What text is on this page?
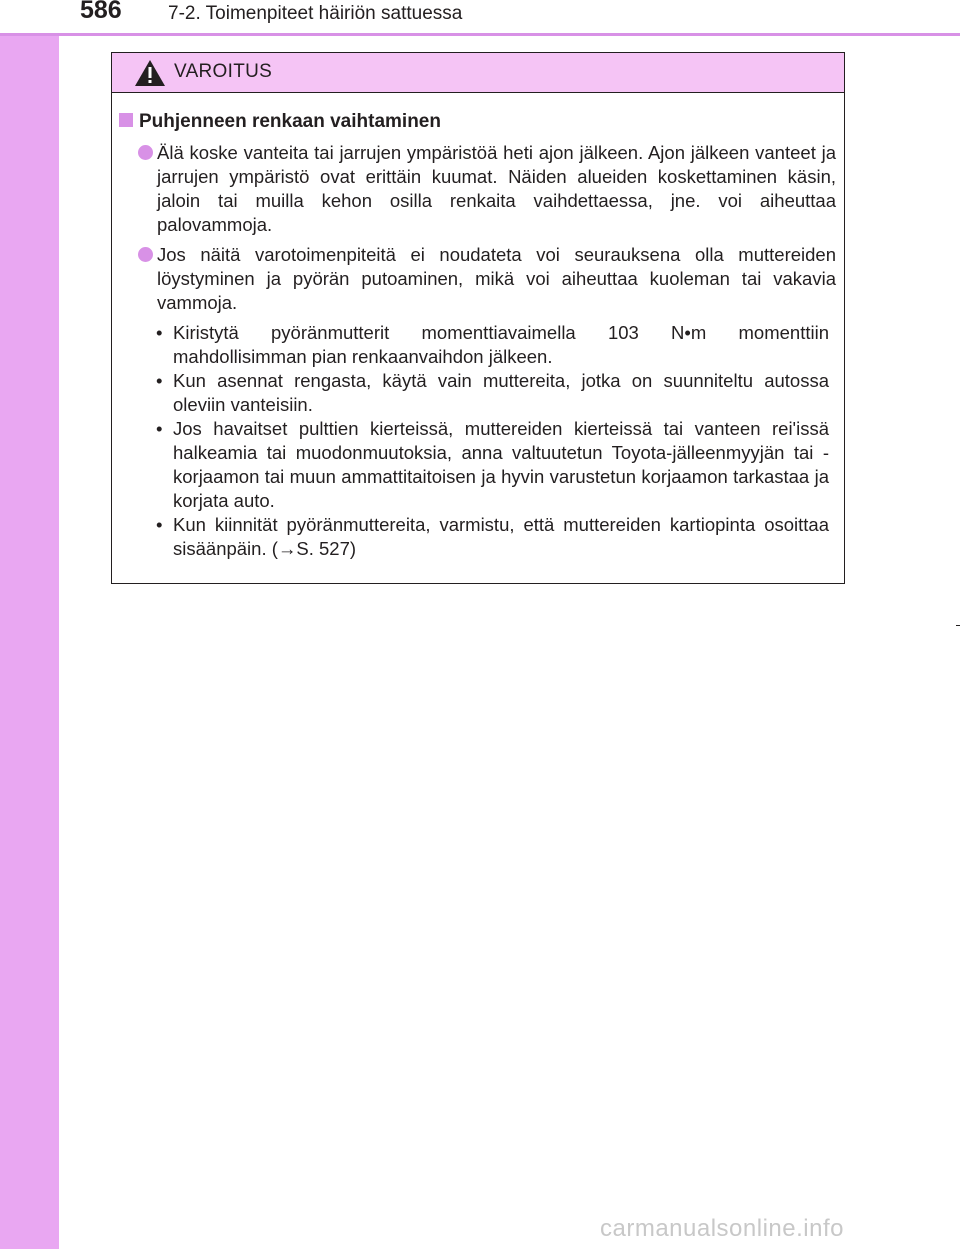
586 7-2. Toimenpiteet häiriön sattuessa
VAROITUS
Puhjenneen renkaan vaihtaminen
Älä koske vanteita tai jarrujen ympäristöä heti ajon jälkeen. Ajon jälkeen vanteet ja jarrujen ympäristö ovat erittäin kuumat. Näiden alueiden koskettaminen käsin, jaloin tai muilla kehon osilla renkaita vaihdettaessa, jne. voi aiheuttaa palovammoja.
Jos näitä varotoimenpiteitä ei noudateta voi seurauksena olla muttereiden löystyminen ja pyörän putoaminen, mikä voi aiheuttaa kuoleman tai vakavia vammoja.
• Kiristytä pyöränmutterit momenttiavaimella 103 N•m momenttiin mahdollisimman pian renkaanvaihdon jälkeen.
• Kun asennat rengasta, käytä vain muttereita, jotka on suunniteltu autossa oleviin vanteisiin.
• Jos havaitset pulttien kierteissä, muttereiden kierteissä tai vanteen rei'issä halkeamia tai muodonmuutoksia, anna valtuutetun Toyota-jälleenmyyjän tai -korjaamon tai muun ammattitaitoisen ja hyvin varustetun korjaamon tarkastaa ja korjata auto.
• Kun kiinnität pyöränmuttereita, varmistu, että muttereiden kartiopinta osoittaa sisäänpäin. (→S. 527)
carmanualsonline.info
